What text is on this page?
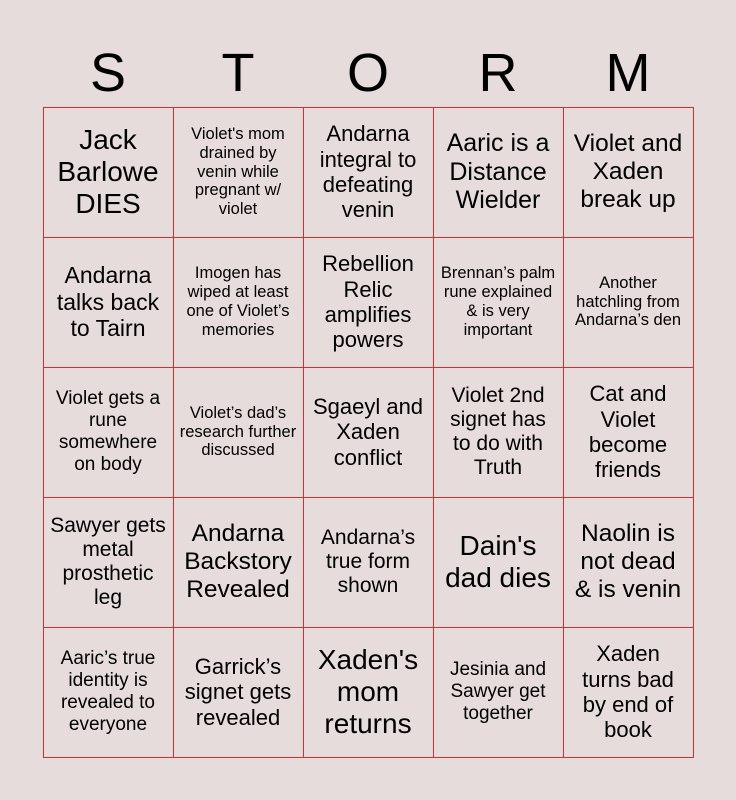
S	T	O	R	M
Jack Barlowe DIES
Violet's mom drained by venin while pregnant w/ violet
Andarna integral to defeating venin
Aaric is a Distance Wielder
Violet and Xaden break up
Andarna talks back to Tairn
Imogen has wiped at least one of Violet’s memories
Rebellion Relic amplifies powers
Brennan’s palm rune explained & is very important
Another hatchling from Andarna’s den
Violet gets a rune somewhere on body
Violet’s dad’s research further discussed
Sgaeyl and Xaden conflict
Violet 2nd signet has to do with Truth
Cat and Violet become friends
Sawyer gets metal prosthetic leg
Andarna Backstory Revealed
Andarna’s true form shown
Dain's dad dies
Naolin is not dead & is venin
Aaric’s true identity is revealed to everyone
Garrick’s signet gets revealed
Xaden's mom returns
Jesinia and Sawyer get together
Xaden turns bad by end of book
